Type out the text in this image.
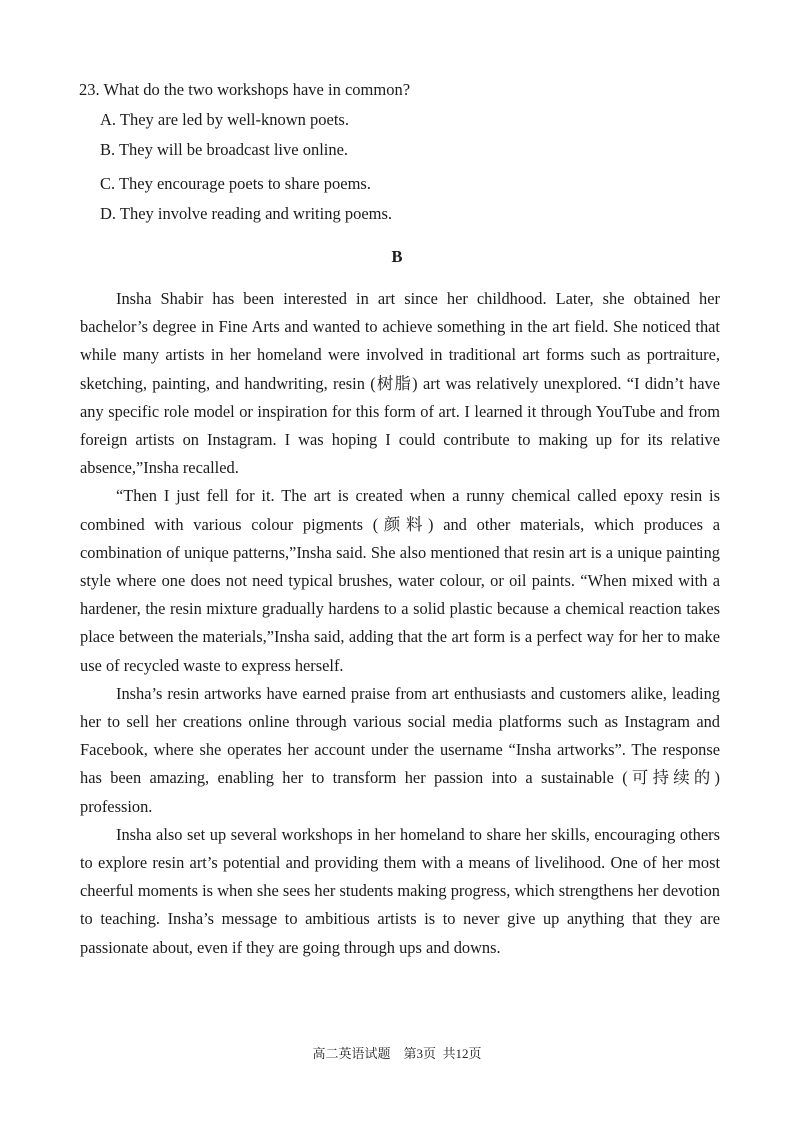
23. What do the two workshops have in common?
A. They are led by well-known poets.
B. They will be broadcast live online.
C. They encourage poets to share poems.
D. They involve reading and writing poems.
B

Insha Shabir has been interested in art since her childhood. Later, she obtained her bachelor’s degree in Fine Arts and wanted to achieve something in the art field. She noticed that while many artists in her homeland were involved in traditional art forms such as portraiture, sketching, painting, and handwriting, resin (树脂) art was relatively unexplored. “I didn’t have any specific role model or inspiration for this form of art. I learned it through YouTube and from foreign artists on Instagram. I was hoping I could contribute to making up for its relative absence,”Insha recalled.

“Then I just fell for it. The art is created when a runny chemical called epoxy resin is combined with various colour pigments (颜料) and other materials, which produces a combination of unique patterns,”Insha said. She also mentioned that resin art is a unique painting style where one does not need typical brushes, water colour, or oil paints. “When mixed with a hardener, the resin mixture gradually hardens to a solid plastic because a chemical reaction takes place between the materials,”Insha said, adding that the art form is a perfect way for her to make use of recycled waste to express herself.

Insha’s resin artworks have earned praise from art enthusiasts and customers alike, leading her to sell her creations online through various social media platforms such as Instagram and Facebook, where she operates her account under the username “Insha artworks”. The response has been amazing, enabling her to transform her passion into a sustainable (可持续的) profession.

Insha also set up several workshops in her homeland to share her skills, encouraging others to explore resin art’s potential and providing them with a means of livelihood. One of her most cheerful moments is when she sees her students making progress, which strengthens her devotion to teaching. Insha’s message to ambitious artists is to never give up anything that they are passionate about, even if they are going through ups and downs.

高二英语试题    第3页  共12页
